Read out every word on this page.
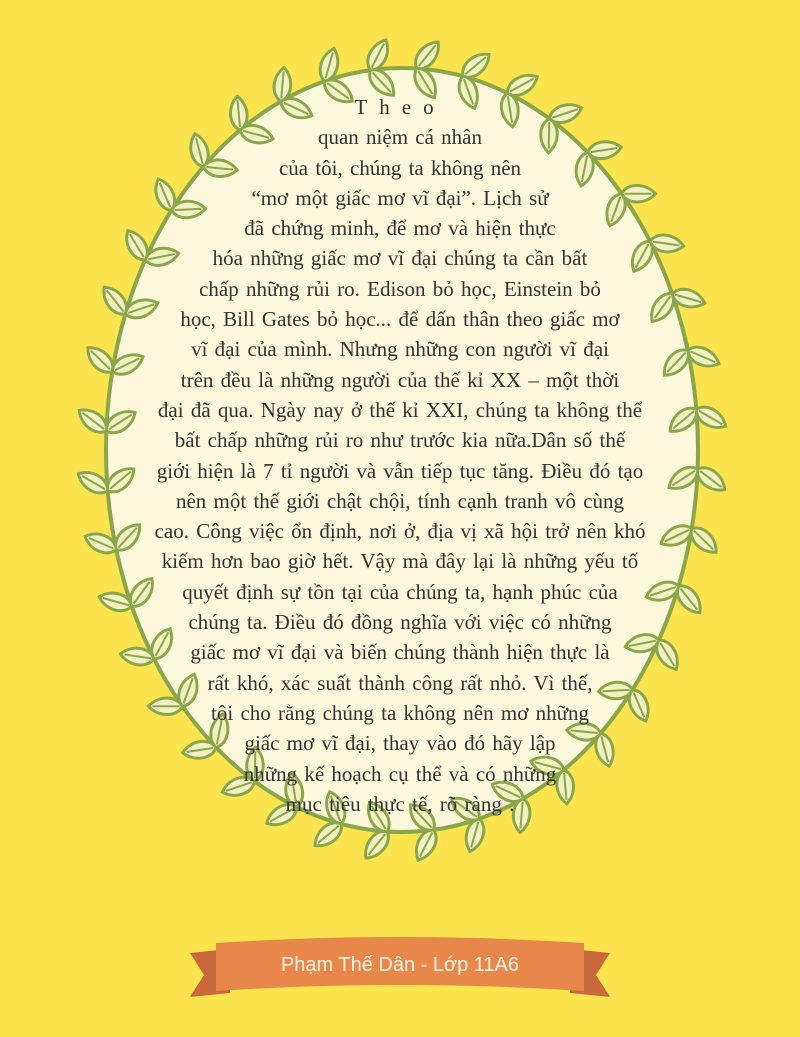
Theo
quan niệm cá nhân
của tôi, chúng ta không nên
“mơ một giấc mơ vĩ đại”. Lịch sử
đã chứng minh, để mơ và hiện thực
hóa những giấc mơ vĩ đại chúng ta cần bất
chấp những rủi ro. Edison bỏ học, Einstein bỏ
học, Bill Gates bỏ học... để dấn thân theo giấc mơ
vĩ đại của mình. Nhưng những con người vĩ đại
trên đều là những người của thế kỉ XX – một thời
đại đã qua. Ngày nay ở thế kỉ XXI, chúng ta không thể
bất chấp những rủi ro như trước kia nữa.Dân số thế
giới hiện là 7 tỉ người và vẫn tiếp tục tăng. Điều đó tạo
nên một thế giới chật chội, tính cạnh tranh vô cùng
cao. Công việc ổn định, nơi ở, địa vị xã hội trở nên khó
kiếm hơn bao giờ hết. Vậy mà đây lại là những yếu tố
quyết định sự tồn tại của chúng ta, hạnh phúc của
chúng ta. Điều đó đồng nghĩa với việc có những
giấc mơ vĩ đại và biến chúng thành hiện thực là
rất khó, xác suất thành công rất nhỏ. Vì thế,
tôi cho rằng chúng ta không nên mơ những
giấc mơ vĩ đại, thay vào đó hãy lập
những kế hoạch cụ thể và có những
mục tiêu thực tế, rõ ràng .
Phạm Thế Dân - Lớp 11A6
